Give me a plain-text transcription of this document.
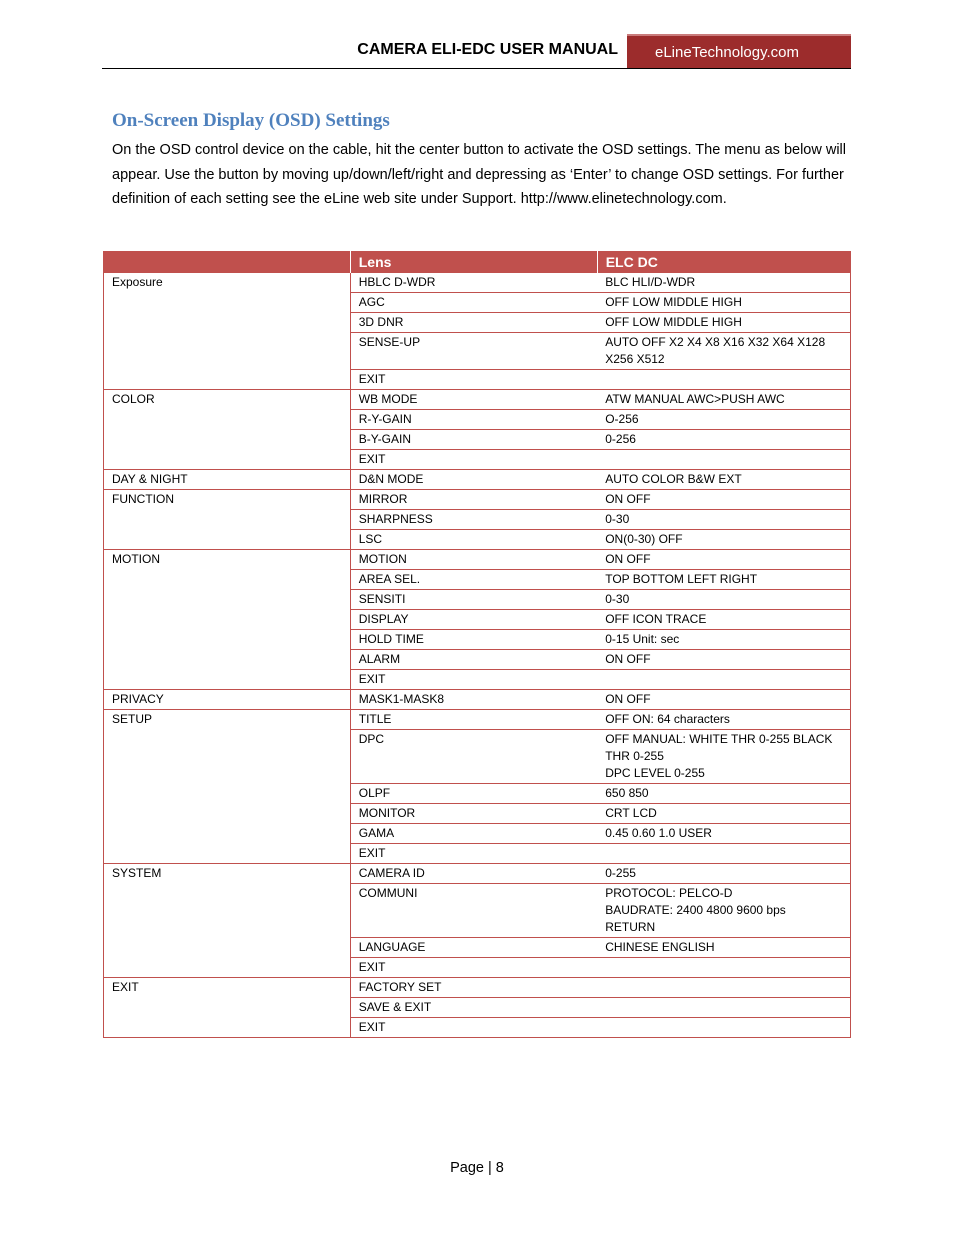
CAMERA ELI-EDC USER MANUAL	eLineTechnology.com
On-Screen Display (OSD) Settings

On the OSD control device on the cable, hit the center button to activate the OSD settings. The menu as below will appear. Use the button by moving up/down/left/right and depressing as ‘Enter’ to change OSD settings. For further definition of each setting see the eLine web site under Support. http://www.elinetechnology.com.

	Lens	ELC DC
Exposure	HBLC D-WDR	BLC HLI/D-WDR
	AGC	OFF LOW MIDDLE HIGH
	3D DNR	OFF LOW MIDDLE HIGH
	SENSE-UP	AUTO OFF X2 X4 X8 X16 X32 X64 X128 X256 X512
	EXIT	
COLOR	WB MODE	ATW MANUAL AWC>PUSH AWC
	R-Y-GAIN	O-256
	B-Y-GAIN	0-256
	EXIT	
DAY & NIGHT	D&N MODE	AUTO COLOR B&W EXT
FUNCTION	MIRROR	ON OFF
	SHARPNESS	0-30
	LSC	ON(0-30) OFF
MOTION	MOTION	ON OFF
	AREA SEL.	TOP BOTTOM LEFT RIGHT
	SENSITI	0-30
	DISPLAY	OFF ICON TRACE
	HOLD TIME	0-15 Unit: sec
	ALARM	ON OFF
	EXIT	
PRIVACY	MASK1-MASK8	ON OFF
SETUP	TITLE	OFF ON: 64 characters
	DPC	OFF MANUAL: WHITE THR 0-255 BLACK THR 0-255
DPC LEVEL 0-255
	OLPF	650 850
	MONITOR	CRT LCD
	GAMA	0.45 0.60 1.0 USER
	EXIT	
SYSTEM	CAMERA ID	0-255
	COMMUNI	PROTOCOL: PELCO-D
BAUDRATE: 2400 4800 9600 bps
RETURN
	LANGUAGE	CHINESE ENGLISH
	EXIT	
EXIT	FACTORY SET	
	SAVE & EXIT	
	EXIT	
Page | 8
